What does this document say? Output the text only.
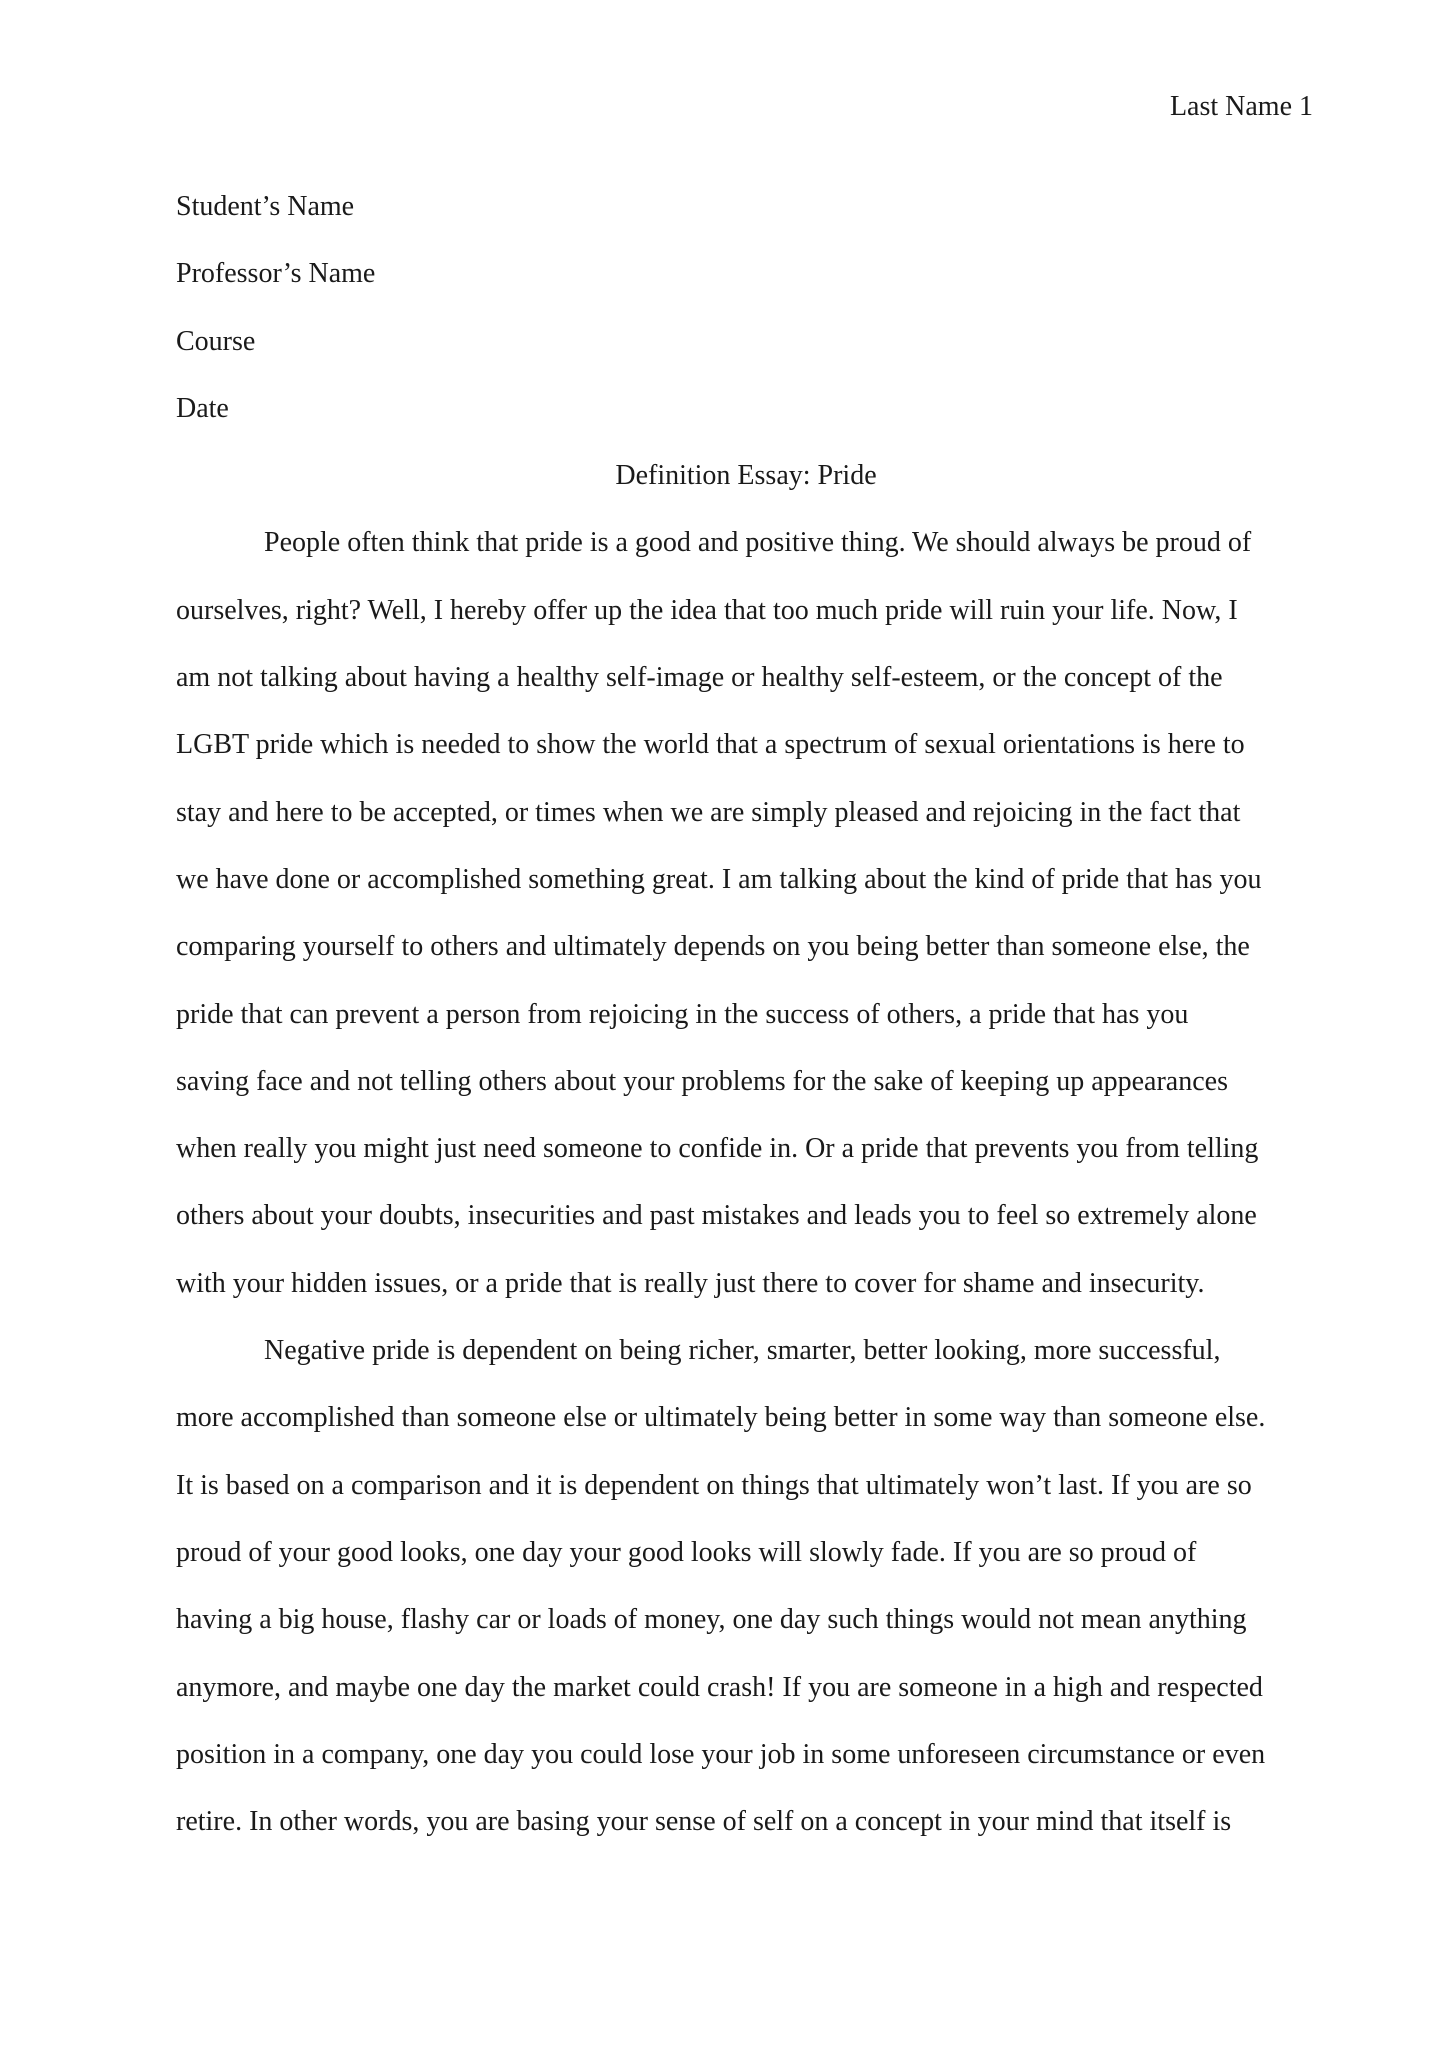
Last Name 1
Student’s Name
Professor’s Name
Course
Date
Definition Essay: Pride
People often think that pride is a good and positive thing. We should always be proud of
ourselves, right? Well, I hereby offer up the idea that too much pride will ruin your life. Now, I
am not talking about having a healthy self-image or healthy self-esteem, or the concept of the
LGBT pride which is needed to show the world that a spectrum of sexual orientations is here to
stay and here to be accepted, or times when we are simply pleased and rejoicing in the fact that
we have done or accomplished something great. I am talking about the kind of pride that has you
comparing yourself to others and ultimately depends on you being better than someone else, the
pride that can prevent a person from rejoicing in the success of others, a pride that has you
saving face and not telling others about your problems for the sake of keeping up appearances
when really you might just need someone to confide in. Or a pride that prevents you from telling
others about your doubts, insecurities and past mistakes and leads you to feel so extremely alone
with your hidden issues, or a pride that is really just there to cover for shame and insecurity.
Negative pride is dependent on being richer, smarter, better looking, more successful,
more accomplished than someone else or ultimately being better in some way than someone else.
It is based on a comparison and it is dependent on things that ultimately won’t last. If you are so
proud of your good looks, one day your good looks will slowly fade. If you are so proud of
having a big house, flashy car or loads of money, one day such things would not mean anything
anymore, and maybe one day the market could crash! If you are someone in a high and respected
position in a company, one day you could lose your job in some unforeseen circumstance or even
retire. In other words, you are basing your sense of self on a concept in your mind that itself is
